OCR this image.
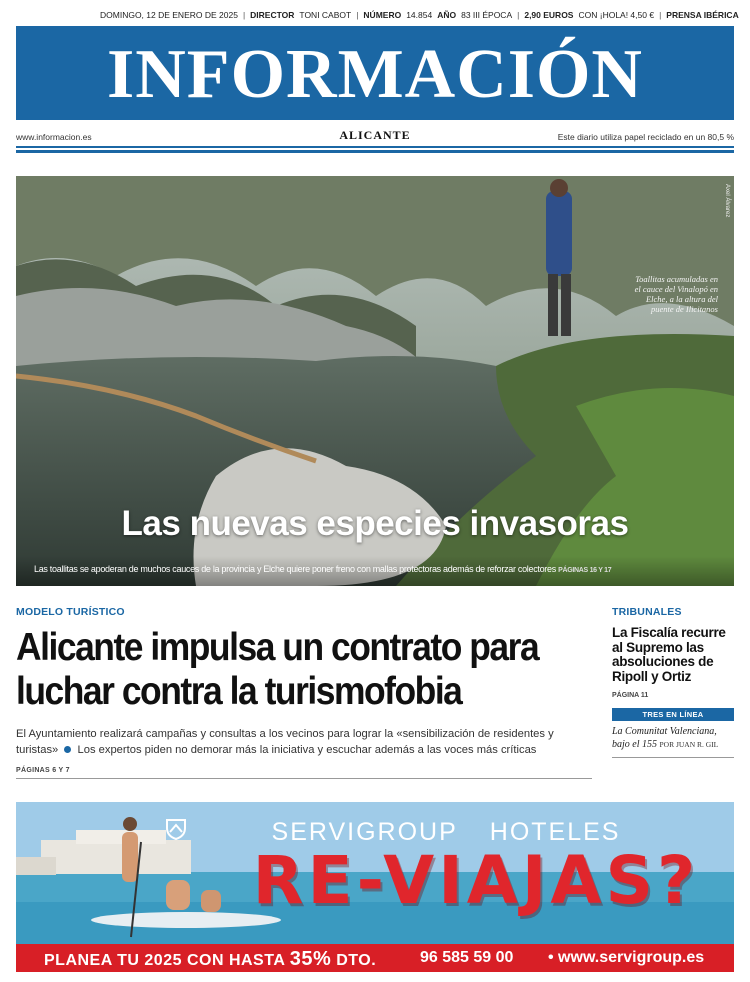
DOMINGO, 12 DE ENERO DE 2025 | DIRECTOR TONI CABOT | NÚMERO 14.854 AÑO 83 III ÉPOCA | 2,90 EUROS CON ¡HOLA! 4,50 € | PRENSA IBÉRICA
INFORMACIÓN
www.informacion.es	ALICANTE	Este diario utiliza papel reciclado en un 80,5 %
Axel Álvarez
Toallitas acumuladas en el cauce del Vinalopó en Elche, a la altura del puente de Ilicitanos
Las nuevas especies invasoras
Las toallitas se apoderan de muchos cauces de la provincia y Elche quiere poner freno con mallas protectoras además de reforzar colectores PÁGINAS 16 Y 17
MODELO TURÍSTICO
Alicante impulsa un contrato para
luchar contra la turismofobia
El Ayuntamiento realizará campañas y consultas a los vecinos para lograr la «sensibilización de residentes y turistas» Los expertos piden no demorar más la iniciativa y escuchar además a las voces más críticas
PÁGINAS 6 Y 7
TRIBUNALES
La Fiscalía recurre al Supremo las absoluciones de Ripoll y Ortiz
PÁGINA 11
TRES EN LÍNEA
La Comunitat Valenciana, bajo el 155 POR JUAN R. GIL
SERVIGROUP HOTELES
RE-VIAJAS?
PLANEA TU 2025 CON HASTA 35% DTO.	96 585 59 00 • www.servigroup.es
